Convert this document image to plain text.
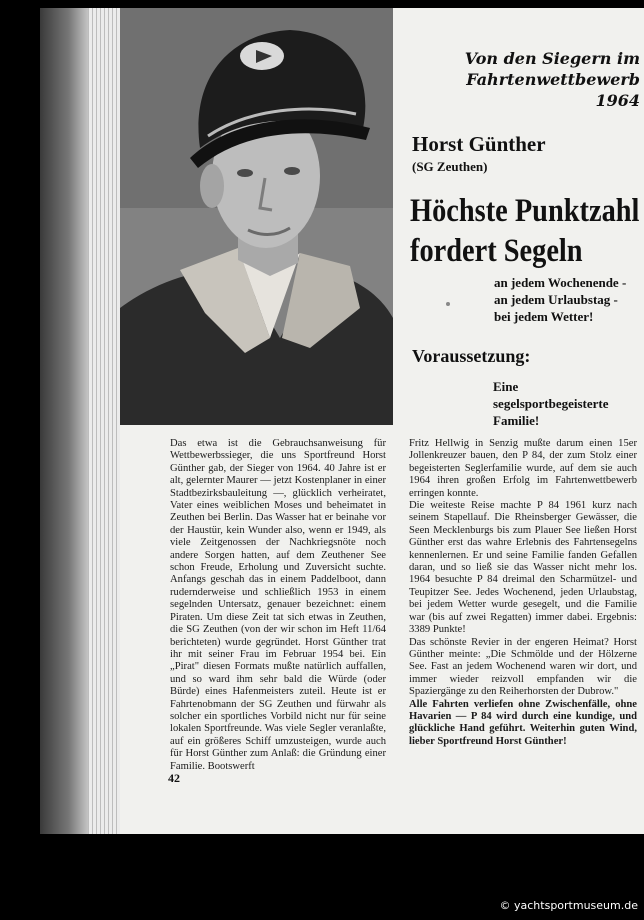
Von den Siegern im
Fahrtenwettbewerb 1964
Horst Günther
(SG Zeuthen)
Höchste Punktzahl
fordert Segeln
an jedem Wochenende -
an jedem Urlaubstag -
bei jedem Wetter!
Voraussetzung:
Eine
segelsportbegeisterte
Familie!

Das etwa ist die Gebrauchsanweisung für Wettbewerbssieger, die uns Sportfreund Horst Günther gab, der Sieger von 1964. 40 Jahre ist er alt, gelernter Maurer — jetzt Kostenplaner in einer Stadtbezirksbauleitung —, glücklich verheiratet, Vater eines weiblichen Moses und beheimatet in Zeuthen bei Berlin. Das Wasser hat er beinahe vor der Haustür, kein Wunder also, wenn er 1949, als viele Zeitgenossen der Nachkriegsnöte noch andere Sorgen hatten, auf dem Zeuthener See schon Freude, Erholung und Zuversicht suchte. Anfangs geschah das in einem Paddelboot, dann rudernderweise und schließlich 1953 in einem segelnden Untersatz, genauer bezeichnet: einem Piraten. Um diese Zeit tat sich etwas in Zeuthen, die SG Zeuthen (von der wir schon im Heft 11/64 berichteten) wurde gegründet. Horst Günther trat ihr mit seiner Frau im Februar 1954 bei. Ein „Pirat" diesen Formats mußte natürlich auffallen, und so ward ihm sehr bald die Würde (oder Bürde) eines Hafenmeisters zuteil. Heute ist er Fahrtenobmann der SG Zeuthen und fürwahr als solcher ein sportliches Vorbild nicht nur für seine lokalen Sportfreunde. Was viele Segler veranlaßte, auf ein größeres Schiff umzusteigen, wurde auch für Horst Günther zum Anlaß: die Gründung einer Familie. Bootswerft

Fritz Hellwig in Senzig mußte darum einen 15er Jollenkreuzer bauen, den P 84, der zum Stolz einer begeisterten Seglerfamilie wurde, auf dem sie auch 1964 ihren großen Erfolg im Fahrtenwettbewerb erringen konnte.

Die weiteste Reise machte P 84 1961 kurz nach seinem Stapellauf. Die Rheinsberger Gewässer, die Seen Mecklenburgs bis zum Plauer See ließen Horst Günther erst das wahre Erlebnis des Fahrtensegelns kennenlernen. Er und seine Familie fanden Gefallen daran, und so ließ sie das Wasser nicht mehr los. 1964 besuchte P 84 dreimal den Scharmützel- und Teupitzer See. Jedes Wochenend, jeden Urlaubstag, bei jedem Wetter wurde gesegelt, und die Familie war (bis auf zwei Regatten) immer dabei. Ergebnis: 3389 Punkte!

Das schönste Revier in der engeren Heimat? Horst Günther meinte: „Die Schmölde und der Hölzerne See. Fast an jedem Wochenend waren wir dort, und immer wieder reizvoll empfanden wir die Spaziergänge zu den Reiherhorsten der Dubrow."

Alle Fahrten verliefen ohne Zwischenfälle, ohne Havarien — P 84 wird durch eine kundige, und glückliche Hand geführt. Weiterhin guten Wind, lieber Sportfreund Horst Günther!

42
© yachtsportmuseum.de
